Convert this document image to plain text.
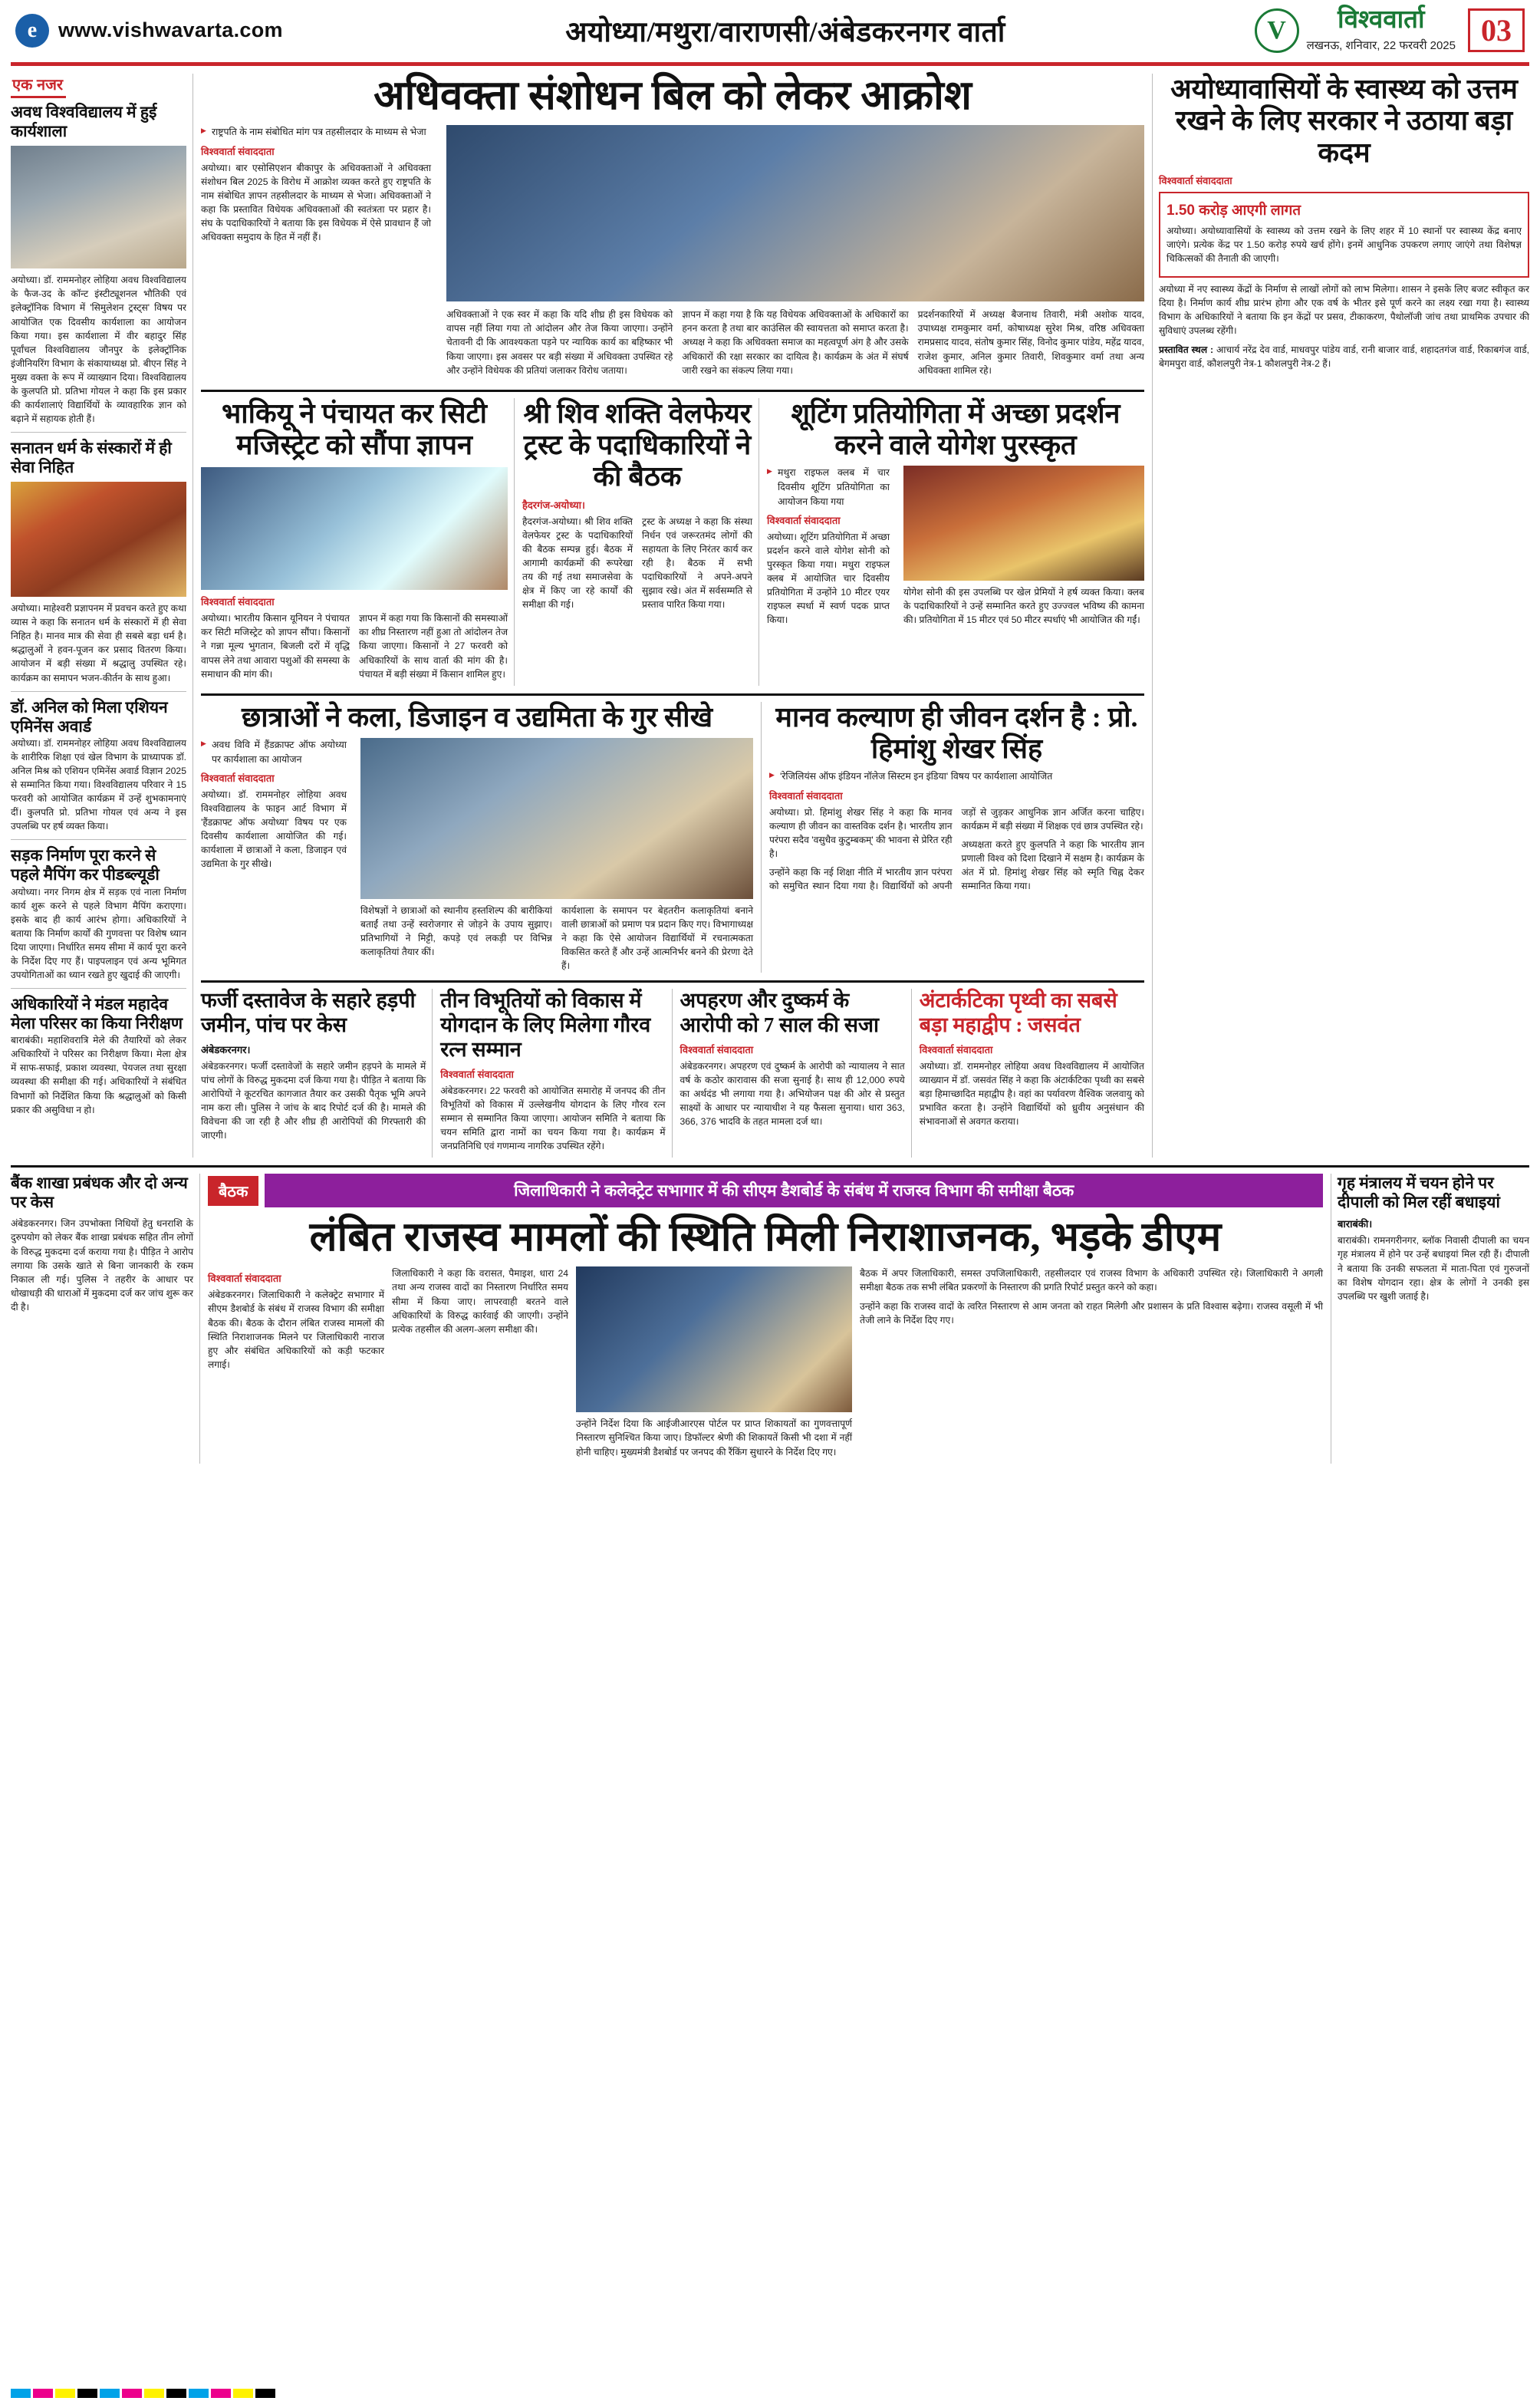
e	www.vishwavarta.com	अयोध्या/मथुरा/वाराणसी/अंबेडकरनगर वार्ता	V	विश्ववार्ता
लखनऊ, शनिवार, 22 फरवरी 2025 03
एक नजर
अवध विश्वविद्यालय में हुई कार्यशाला

अयोध्या। डॉ. राममनोहर लोहिया अवध विश्वविद्यालय के फैज-उद के कॉन्ट इंस्टीट्यूशनल भौतिकी एवं इलेक्ट्रॉनिक विभाग में 'सिमुलेशन ट्रस्ट्स' विषय पर आयोजित एक दिवसीय कार्यशाला का आयोजन किया गया। इस कार्यशाला में वीर बहादुर सिंह पूर्वांचल विश्वविद्यालय जौनपुर के इलेक्ट्रॉनिक इंजीनियरिंग विभाग के संकायाध्यक्ष प्रो. बीएन सिंह ने मुख्य वक्ता के रूप में व्याख्यान दिया। विश्वविद्यालय के कुलपति प्रो. प्रतिभा गोयल ने कहा कि इस प्रकार की कार्यशालाएं विद्यार्थियों के व्यावहारिक ज्ञान को बढ़ाने में सहायक होती हैं।

सनातन धर्म के संस्कारों में ही सेवा निहित

अयोध्या। माहेश्वरी प्रज्ञापनम में प्रवचन करते हुए कथा व्यास ने कहा कि सनातन धर्म के संस्कारों में ही सेवा निहित है। मानव मात्र की सेवा ही सबसे बड़ा धर्म है। श्रद्धालुओं ने हवन-पूजन कर प्रसाद वितरण किया। आयोजन में बड़ी संख्या में श्रद्धालु उपस्थित रहे। कार्यक्रम का समापन भजन-कीर्तन के साथ हुआ।

डॉ. अनिल को मिला एशियन एमिनेंस अवार्ड

अयोध्या। डॉ. राममनोहर लोहिया अवध विश्वविद्यालय के शारीरिक शिक्षा एवं खेल विभाग के प्राध्यापक डॉ. अनिल मिश्र को एशियन एमिनेंस अवार्ड विज्ञान 2025 से सम्मानित किया गया। विश्वविद्यालय परिवार ने 15 फरवरी को आयोजित कार्यक्रम में उन्हें शुभकामनाएं दीं। कुलपति प्रो. प्रतिभा गोयल एवं अन्य ने इस उपलब्धि पर हर्ष व्यक्त किया।

सड़क निर्माण पूरा करने से पहले मैपिंग कर पीडब्ल्यूडी

अयोध्या। नगर निगम क्षेत्र में सड़क एवं नाला निर्माण कार्य शुरू करने से पहले विभाग मैपिंग कराएगा। इसके बाद ही कार्य आरंभ होगा। अधिकारियों ने बताया कि निर्माण कार्यों की गुणवत्ता पर विशेष ध्यान दिया जाएगा। निर्धारित समय सीमा में कार्य पूरा करने के निर्देश दिए गए हैं। पाइपलाइन एवं अन्य भूमिगत उपयोगिताओं का ध्यान रखते हुए खुदाई की जाएगी।

अधिकारियों ने मंडल महादेव मेला परिसर का किया निरीक्षण

बाराबंकी। महाशिवरात्रि मेले की तैयारियों को लेकर अधिकारियों ने परिसर का निरीक्षण किया। मेला क्षेत्र में साफ-सफाई, प्रकाश व्यवस्था, पेयजल तथा सुरक्षा व्यवस्था की समीक्षा की गई। अधिकारियों ने संबंधित विभागों को निर्देशित किया कि श्रद्धालुओं को किसी प्रकार की असुविधा न हो।

अधिवक्ता संशोधन बिल को लेकर आक्रोश
▶ राष्ट्रपति के नाम संबोधित मांग पत्र तहसीलदार के माध्यम से भेजा
विश्ववार्ता संवाददाता

अयोध्या। बार एसोसिएशन बीकापुर के अधिवक्ताओं ने अधिवक्ता संशोधन बिल 2025 के विरोध में आक्रोश व्यक्त करते हुए राष्ट्रपति के नाम संबोधित ज्ञापन तहसीलदार के माध्यम से भेजा। अधिवक्ताओं ने कहा कि प्रस्तावित विधेयक अधिवक्ताओं की स्वतंत्रता पर प्रहार है। संघ के पदाधिकारियों ने बताया कि इस विधेयक में ऐसे प्रावधान हैं जो अधिवक्ता समुदाय के हित में नहीं हैं।

अधिवक्ताओं ने एक स्वर में कहा कि यदि शीघ्र ही इस विधेयक को वापस नहीं लिया गया तो आंदोलन और तेज किया जाएगा। उन्होंने चेतावनी दी कि आवश्यकता पड़ने पर न्यायिक कार्य का बहिष्कार भी किया जाएगा। इस अवसर पर बड़ी संख्या में अधिवक्ता उपस्थित रहे और उन्होंने विधेयक की प्रतियां जलाकर विरोध जताया।

ज्ञापन में कहा गया है कि यह विधेयक अधिवक्ताओं के अधिकारों का हनन करता है तथा बार काउंसिल की स्वायत्तता को समाप्त करता है। अध्यक्ष ने कहा कि अधिवक्ता समाज का महत्वपूर्ण अंग है और उसके अधिकारों की रक्षा सरकार का दायित्व है। कार्यक्रम के अंत में संघर्ष जारी रखने का संकल्प लिया गया।

प्रदर्शनकारियों में अध्यक्ष बैजनाथ तिवारी, मंत्री अशोक यादव, उपाध्यक्ष रामकुमार वर्मा, कोषाध्यक्ष सुरेश मिश्र, वरिष्ठ अधिवक्ता रामप्रसाद यादव, संतोष कुमार सिंह, विनोद कुमार पांडेय, महेंद्र यादव, राजेश कुमार, अनिल कुमार तिवारी, शिवकुमार वर्मा तथा अन्य अधिवक्ता शामिल रहे।

भाकियू ने पंचायत कर सिटी मजिस्ट्रेट को सौंपा ज्ञापन
विश्ववार्ता संवाददाता

अयोध्या। भारतीय किसान यूनियन ने पंचायत कर सिटी मजिस्ट्रेट को ज्ञापन सौंपा। किसानों ने गन्ना मूल्य भुगतान, बिजली दरों में वृद्धि वापस लेने तथा आवारा पशुओं की समस्या के समाधान की मांग की।

ज्ञापन में कहा गया कि किसानों की समस्याओं का शीघ्र निस्तारण नहीं हुआ तो आंदोलन तेज किया जाएगा। किसानों ने 27 फरवरी को अधिकारियों के साथ वार्ता की मांग की है। पंचायत में बड़ी संख्या में किसान शामिल हुए।

श्री शिव शक्ति वेलफेयर ट्रस्ट के पदाधिकारियों ने की बैठक
हैदरगंज-अयोध्या।

हैदरगंज-अयोध्या। श्री शिव शक्ति वेलफेयर ट्रस्ट के पदाधिकारियों की बैठक सम्पन्न हुई। बैठक में आगामी कार्यक्रमों की रूपरेखा तय की गई तथा समाजसेवा के क्षेत्र में किए जा रहे कार्यों की समीक्षा की गई।

ट्रस्ट के अध्यक्ष ने कहा कि संस्था निर्धन एवं जरूरतमंद लोगों की सहायता के लिए निरंतर कार्य कर रही है। बैठक में सभी पदाधिकारियों ने अपने-अपने सुझाव रखे। अंत में सर्वसम्मति से प्रस्ताव पारित किया गया।

शूटिंग प्रतियोगिता में अच्छा प्रदर्शन करने वाले योगेश पुरस्कृत
▶ मथुरा राइफल क्लब में चार दिवसीय शूटिंग प्रतियोगिता का आयोजन किया गया
विश्ववार्ता संवाददाता

अयोध्या। शूटिंग प्रतियोगिता में अच्छा प्रदर्शन करने वाले योगेश सोनी को पुरस्कृत किया गया। मथुरा राइफल क्लब में आयोजित चार दिवसीय प्रतियोगिता में उन्होंने 10 मीटर एयर राइफल स्पर्धा में स्वर्ण पदक प्राप्त किया।

योगेश सोनी की इस उपलब्धि पर खेल प्रेमियों ने हर्ष व्यक्त किया। क्लब के पदाधिकारियों ने उन्हें सम्मानित करते हुए उज्ज्वल भविष्य की कामना की। प्रतियोगिता में 15 मीटर एवं 50 मीटर स्पर्धाएं भी आयोजित की गईं।

छात्राओं ने कला, डिजाइन व उद्यमिता के गुर सीखे
▶ अवध विवि में हैंडक्राफ्ट ऑफ अयोध्या पर कार्यशाला का आयोजन
विश्ववार्ता संवाददाता

अयोध्या। डॉ. राममनोहर लोहिया अवध विश्वविद्यालय के फाइन आर्ट विभाग में 'हैंडक्राफ्ट ऑफ अयोध्या' विषय पर एक दिवसीय कार्यशाला आयोजित की गई। कार्यशाला में छात्राओं ने कला, डिजाइन एवं उद्यमिता के गुर सीखे।

विशेषज्ञों ने छात्राओं को स्थानीय हस्तशिल्प की बारीकियां बताईं तथा उन्हें स्वरोजगार से जोड़ने के उपाय सुझाए। प्रतिभागियों ने मिट्टी, कपड़े एवं लकड़ी पर विभिन्न कलाकृतियां तैयार कीं।

कार्यशाला के समापन पर बेहतरीन कलाकृतियां बनाने वाली छात्राओं को प्रमाण पत्र प्रदान किए गए। विभागाध्यक्ष ने कहा कि ऐसे आयोजन विद्यार्थियों में रचनात्मकता विकसित करते हैं और उन्हें आत्मनिर्भर बनने की प्रेरणा देते हैं।

मानव कल्याण ही जीवन दर्शन है : प्रो. हिमांशु शेखर सिंह
▶ 'रेजिलियंस ऑफ इंडियन नॉलेज सिस्टम इन इंडिया' विषय पर कार्यशाला आयोजित
विश्ववार्ता संवाददाता

अयोध्या। प्रो. हिमांशु शेखर सिंह ने कहा कि मानव कल्याण ही जीवन का वास्तविक दर्शन है। भारतीय ज्ञान परंपरा सदैव 'वसुधैव कुटुम्बकम्' की भावना से प्रेरित रही है।

उन्होंने कहा कि नई शिक्षा नीति में भारतीय ज्ञान परंपरा को समुचित स्थान दिया गया है। विद्यार्थियों को अपनी जड़ों से जुड़कर आधुनिक ज्ञान अर्जित करना चाहिए। कार्यक्रम में बड़ी संख्या में शिक्षक एवं छात्र उपस्थित रहे।

अध्यक्षता करते हुए कुलपति ने कहा कि भारतीय ज्ञान प्रणाली विश्व को दिशा दिखाने में सक्षम है। कार्यक्रम के अंत में प्रो. हिमांशु शेखर सिंह को स्मृति चिह्न देकर सम्मानित किया गया।

फर्जी दस्तावेज के सहारे हड़पी जमीन, पांच पर केस
अंबेडकरनगर।

अंबेडकरनगर। फर्जी दस्तावेजों के सहारे जमीन हड़पने के मामले में पांच लोगों के विरुद्ध मुकदमा दर्ज किया गया है। पीड़ित ने बताया कि आरोपियों ने कूटरचित कागजात तैयार कर उसकी पैतृक भूमि अपने नाम करा ली। पुलिस ने जांच के बाद रिपोर्ट दर्ज की है। मामले की विवेचना की जा रही है और शीघ्र ही आरोपियों की गिरफ्तारी की जाएगी।

तीन विभूतियों को विकास में योगदान के लिए मिलेगा गौरव रत्न सम्मान
विश्ववार्ता संवाददाता

अंबेडकरनगर। 22 फरवरी को आयोजित समारोह में जनपद की तीन विभूतियों को विकास में उल्लेखनीय योगदान के लिए गौरव रत्न सम्मान से सम्मानित किया जाएगा। आयोजन समिति ने बताया कि चयन समिति द्वारा नामों का चयन किया गया है। कार्यक्रम में जनप्रतिनिधि एवं गणमान्य नागरिक उपस्थित रहेंगे।

अपहरण और दुष्कर्म के आरोपी को 7 साल की सजा
विश्ववार्ता संवाददाता

अंबेडकरनगर। अपहरण एवं दुष्कर्म के आरोपी को न्यायालय ने सात वर्ष के कठोर कारावास की सजा सुनाई है। साथ ही 12,000 रुपये का अर्थदंड भी लगाया गया है। अभियोजन पक्ष की ओर से प्रस्तुत साक्ष्यों के आधार पर न्यायाधीश ने यह फैसला सुनाया। धारा 363, 366, 376 भादवि के तहत मामला दर्ज था।

अंटार्कटिका पृथ्वी का सबसे बड़ा महाद्वीप : जसवंत
विश्ववार्ता संवाददाता

अयोध्या। डॉ. राममनोहर लोहिया अवध विश्वविद्यालय में आयोजित व्याख्यान में डॉ. जसवंत सिंह ने कहा कि अंटार्कटिका पृथ्वी का सबसे बड़ा हिमाच्छादित महाद्वीप है। वहां का पर्यावरण वैश्विक जलवायु को प्रभावित करता है। उन्होंने विद्यार्थियों को ध्रुवीय अनुसंधान की संभावनाओं से अवगत कराया।

अयोध्यावासियों के स्वास्थ्य को उत्तम रखने के लिए सरकार ने उठाया बड़ा कदम
विश्ववार्ता संवाददाता
1.50 करोड़ आएगी लागत

अयोध्या। अयोध्यावासियों के स्वास्थ्य को उत्तम रखने के लिए शहर में 10 स्थानों पर स्वास्थ्य केंद्र बनाए जाएंगे। प्रत्येक केंद्र पर 1.50 करोड़ रुपये खर्च होंगे। इनमें आधुनिक उपकरण लगाए जाएंगे तथा विशेषज्ञ चिकित्सकों की तैनाती की जाएगी।

अयोध्या में नए स्वास्थ्य केंद्रों के निर्माण से लाखों लोगों को लाभ मिलेगा। शासन ने इसके लिए बजट स्वीकृत कर दिया है। निर्माण कार्य शीघ्र प्रारंभ होगा और एक वर्ष के भीतर इसे पूर्ण करने का लक्ष्य रखा गया है। स्वास्थ्य विभाग के अधिकारियों ने बताया कि इन केंद्रों पर प्रसव, टीकाकरण, पैथोलॉजी जांच तथा प्राथमिक उपचार की सुविधाएं उपलब्ध रहेंगी।

प्रस्तावित स्थल : आचार्य नरेंद्र देव वार्ड, माधवपुर पांडेय वार्ड, रानी बाजार वार्ड, शहादतगंज वार्ड, रिकाबगंज वार्ड, बेगमपुरा वार्ड, कौशलपुरी नेत्र-1 कौशलपुरी नेत्र-2 हैं।

बैंक शाखा प्रबंधक और दो अन्य पर केस

अंबेडकरनगर। जिन उपभोक्ता निधियों हेतु धनराशि के दुरुपयोग को लेकर बैंक शाखा प्रबंधक सहित तीन लोगों के विरुद्ध मुकदमा दर्ज कराया गया है। पीड़ित ने आरोप लगाया कि उसके खाते से बिना जानकारी के रकम निकाल ली गई। पुलिस ने तहरीर के आधार पर धोखाधड़ी की धाराओं में मुकदमा दर्ज कर जांच शुरू कर दी है।

बैठक	जिलाधिकारी ने कलेक्ट्रेट सभागार में की सीएम डैशबोर्ड के संबंध में राजस्व विभाग की समीक्षा बैठक
लंबित राजस्व मामलों की स्थिति मिली निराशाजनक, भड़के डीएम
विश्ववार्ता संवाददाता

अंबेडकरनगर। जिलाधिकारी ने कलेक्ट्रेट सभागार में सीएम डैशबोर्ड के संबंध में राजस्व विभाग की समीक्षा बैठक की। बैठक के दौरान लंबित राजस्व मामलों की स्थिति निराशाजनक मिलने पर जिलाधिकारी नाराज हुए और संबंधित अधिकारियों को कड़ी फटकार लगाई।

जिलाधिकारी ने कहा कि वरासत, पैमाइश, धारा 24 तथा अन्य राजस्व वादों का निस्तारण निर्धारित समय सीमा में किया जाए। लापरवाही बरतने वाले अधिकारियों के विरुद्ध कार्रवाई की जाएगी। उन्होंने प्रत्येक तहसील की अलग-अलग समीक्षा की।

उन्होंने निर्देश दिया कि आईजीआरएस पोर्टल पर प्राप्त शिकायतों का गुणवत्तापूर्ण निस्तारण सुनिश्चित किया जाए। डिफॉल्टर श्रेणी की शिकायतें किसी भी दशा में नहीं होनी चाहिए। मुख्यमंत्री डैशबोर्ड पर जनपद की रैंकिंग सुधारने के निर्देश दिए गए।

बैठक में अपर जिलाधिकारी, समस्त उपजिलाधिकारी, तहसीलदार एवं राजस्व विभाग के अधिकारी उपस्थित रहे। जिलाधिकारी ने अगली समीक्षा बैठक तक सभी लंबित प्रकरणों के निस्तारण की प्रगति रिपोर्ट प्रस्तुत करने को कहा।

उन्होंने कहा कि राजस्व वादों के त्वरित निस्तारण से आम जनता को राहत मिलेगी और प्रशासन के प्रति विश्वास बढ़ेगा। राजस्व वसूली में भी तेजी लाने के निर्देश दिए गए।

गृह मंत्रालय में चयन होने पर दीपाली को मिल रहीं बधाइयां
बाराबंकी।

बाराबंकी। रामनगरीनगर, ब्लॉक निवासी दीपाली का चयन गृह मंत्रालय में होने पर उन्हें बधाइयां मिल रही हैं। दीपाली ने बताया कि उनकी सफलता में माता-पिता एवं गुरुजनों का विशेष योगदान रहा। क्षेत्र के लोगों ने उनकी इस उपलब्धि पर खुशी जताई है।
